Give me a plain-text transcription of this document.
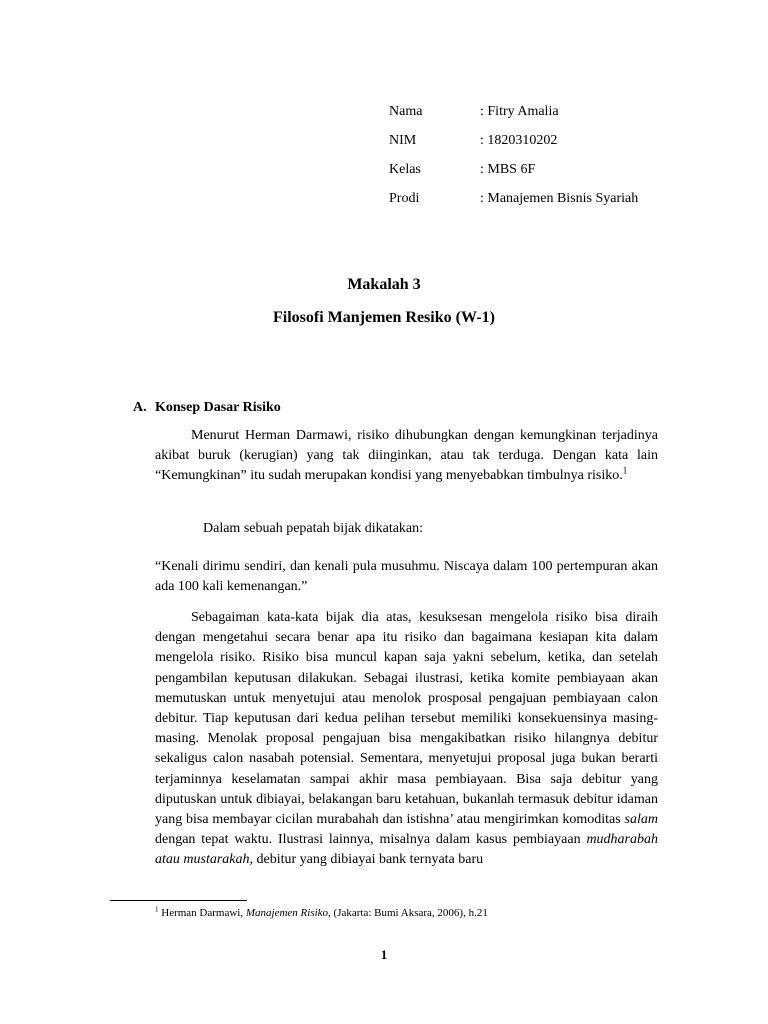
Nama	: Fitry Amalia
NIM	: 1820310202
Kelas	: MBS 6F
Prodi	: Manajemen Bisnis Syariah
Makalah 3
Filosofi Manjemen Resiko (W-1)
A. Konsep Dasar Risiko
Menurut Herman Darmawi, risiko dihubungkan dengan kemungkinan terjadinya akibat buruk (kerugian) yang tak diinginkan, atau tak terduga. Dengan kata lain “Kemungkinan” itu sudah merupakan kondisi yang menyebabkan timbulnya risiko.$^1$
Dalam sebuah pepatah bijak dikatakan:
“Kenali dirimu sendiri, dan kenali pula musuhmu. Niscaya dalam 100 pertempuran akan ada 100 kali kemenangan.”
Sebagaiman kata-kata bijak dia atas, kesuksesan mengelola risiko bisa diraih dengan mengetahui secara benar apa itu risiko dan bagaimana kesiapan kita dalam mengelola risiko. Risiko bisa muncul kapan saja yakni sebelum, ketika, dan setelah pengambilan keputusan dilakukan. Sebagai ilustrasi, ketika komite pembiayaan akan memutuskan untuk menyetujui atau menolok prosposal pengajuan pembiayaan calon debitur. Tiap keputusan dari kedua pelihan tersebut memiliki konsekuensinya masing-masing. Menolak proposal pengajuan bisa mengakibatkan risiko hilangnya debitur sekaligus calon nasabah potensial. Sementara, menyetujui proposal juga bukan berarti terjaminnya keselamatan sampai akhir masa pembiayaan. Bisa saja debitur yang diputuskan untuk dibiayai, belakangan baru ketahuan, bukanlah termasuk debitur idaman yang bisa membayar cicilan murabahah dan istishna’ atau mengirimkan komoditas salam dengan tepat waktu. Ilustrasi lainnya, misalnya dalam kasus pembiayaan mudharabah atau mustarakah, debitur yang dibiayai bank ternyata baru
$^1$ Herman Darmawi, Manajemen Risiko, (Jakarta: Bumi Aksara, 2006), h.21
1
